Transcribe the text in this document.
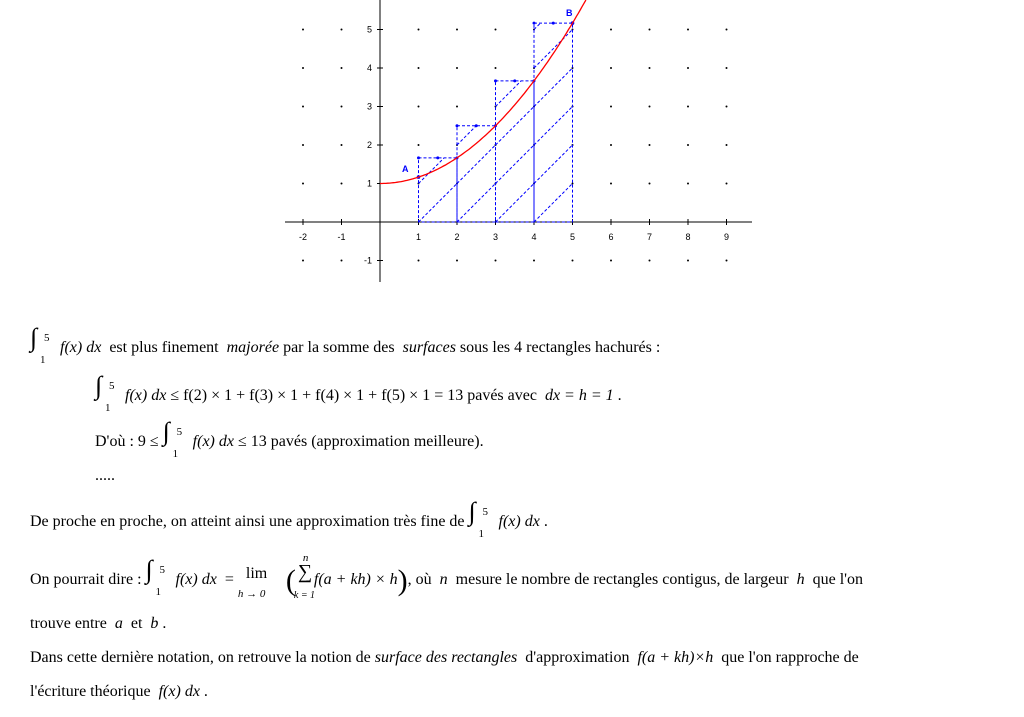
-2	-1	1	2	3	4	5	6	7	8	9
1
2
3
4
5
-1
A
B
∫ 5
1
f(x) dx est plus finement majorée par la somme des surfaces sous les 4 rectangles hachurés :
∫ 5
1
f(x) dx ≤ f(2) × 1 + f(3) × 1 + f(4) × 1 + f(5) × 1 = 13 pavés avec dx = h = 1 .
D'où : 9 ≤ ∫ 5
1
f(x) dx ≤ 13 pavés (approximation meilleure).
.....
De proche en proche, on atteint ainsi une approximation très fine de ∫ 5
1
f(x) dx .
On pourrait dire : ∫ 5
1
f(x) dx = lim
h → 0 ( ∑
n
k = 1
f(a + kh) × h), où n mesure le nombre de rectangles contigus, de largeur h que l'on
trouve entre a et b .
Dans cette dernière notation, on retrouve la notion de surface des rectangles d'approximation f(a + kh)×h que l'on rapproche de
l'écriture théorique f(x) dx .
